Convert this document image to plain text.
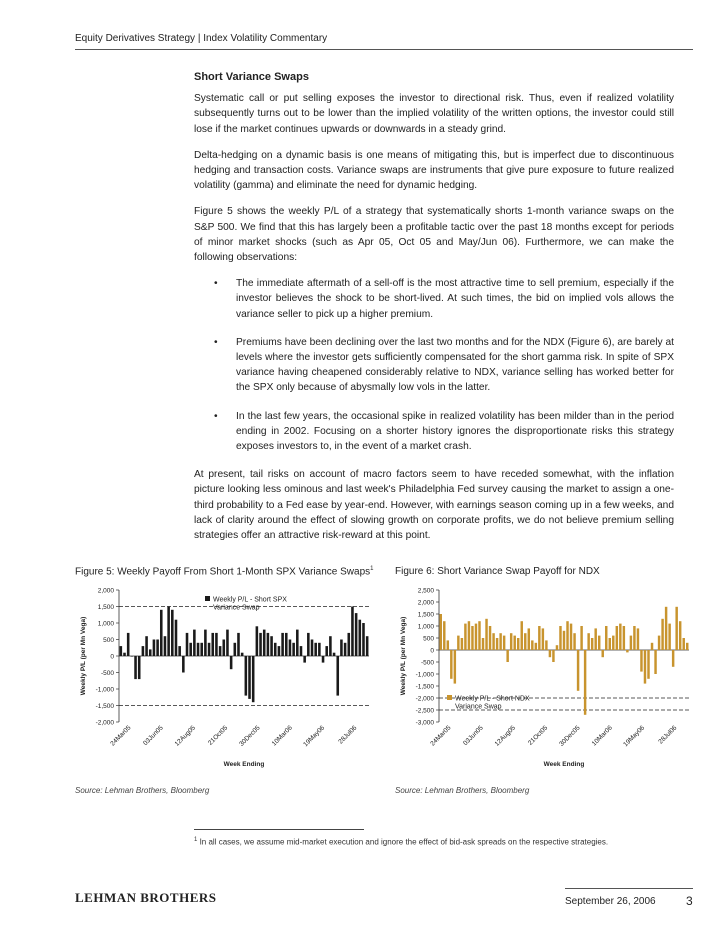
Equity Derivatives Strategy | Index Volatility Commentary
Short Variance Swaps

Systematic call or put selling exposes the investor to directional risk. Thus, even if realized volatility subsequently turns out to be lower than the implied volatility of the written options, the investor could still lose if the market continues upwards or downwards in a steady grind.

Delta-hedging on a dynamic basis is one means of mitigating this, but is imperfect due to discontinuous hedging and transaction costs. Variance swaps are instruments that give pure exposure to future realized volatility (gamma) and eliminate the need for dynamic hedging.

Figure 5 shows the weekly P/L of a strategy that systematically shorts 1-month variance swaps on the S&P 500. We find that this has largely been a profitable tactic over the past 18 months except for periods of minor market shocks (such as Apr 05, Oct 05 and May/Jun 06). Furthermore, we can make the following observations:

• The immediate aftermath of a sell-off is the most attractive time to sell premium, especially if the investor believes the shock to be short-lived. At such times, the bid on implied vols allows the variance seller to pick up a higher premium.
• Premiums have been declining over the last two months and for the NDX (Figure 6), are barely at levels where the investor gets sufficiently compensated for the short gamma risk. In spite of SPX variance having cheapened considerably relative to NDX, variance selling has worked better for the SPX only because of abysmally low vols in the latter.
• In the last few years, the occasional spike in realized volatility has been milder than in the period ending in 2002. Focusing on a shorter history ignores the disproportionate risks this strategy exposes investors to, in the event of a market crash.

At present, tail risks on account of macro factors seem to have receded somewhat, with the inflation picture looking less ominous and last week's Philadelphia Fed survey causing the market to assign a one-third probability to a Fed ease by year-end. However, with earnings season coming up in a few weeks, and lack of clarity around the effect of slowing growth on corporate profits, we do not believe premium selling strategies offer an attractive risk-reward at this point.

Figure 5: Weekly Payoff From Short 1-Month SPX Variance Swaps$^1$ Figure 6: Short Variance Swap Payoff for NDX
2,000
1,500
1,000
500
0
-500
-1,000
-1,500
-2,000
24Mar05 03Jun05 12Aug05 21Oct05 30Dec05 10Mar06 19May06 28Jul06
Week Ending
Weekly P/L (per Mn Vega)
Weekly P/L - Short SPX
Variance Swap
2,500
2,000
1,500
1,000
500
0
-500
-1,000
-1,500
-2,000
-2,500
-3,000
24Mar05 03Jun05 12Aug05 21Oct05 30Dec05 10Mar06 19May06 28Jul06
Week Ending
Weekly P/L (per Mn Vega)
Weekly P/L - Short NDX
Variance Swap
Source: Lehman Brothers, Bloomberg	Source: Lehman Brothers, Bloomberg
$^1$ In all cases, we assume mid-market execution and ignore the effect of bid-ask spreads on the respective strategies.
LEHMAN BROTHERS	September 26, 2006	3
